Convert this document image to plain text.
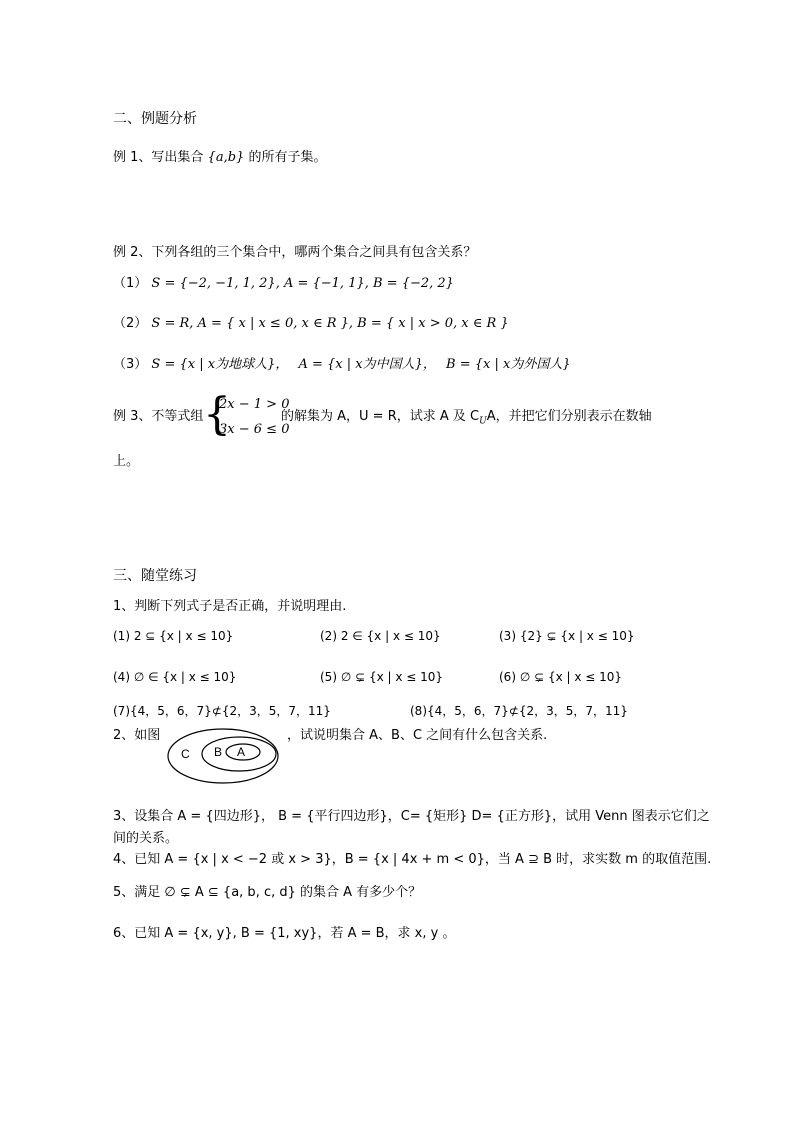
二、例题分析
例 1、写出集合 {a,b} 的所有子集。
例 2、下列各组的三个集合中，哪两个集合之间具有包含关系？
（1） S = {−2, −1, 1, 2}, A = {−1, 1}, B = {−2, 2}
（2） S = R, A = { x | x ≤ 0, x ∈ R }, B = { x | x > 0, x ∈ R }
（3） S = {x | x为地球人}， A = {x | x为中国人}， B = {x | x为外国人}
例 3、不等式组 {
2x − 1 > 0
3x − 6 ≤ 0
的解集为 A，U = R，试求 A 及 $C_UA$，并把它们分别表示在数轴
上。
三、随堂练习
1、判断下列式子是否正确，并说明理由.
(1) 2 ⊆ {x | x ≤ 10}	(2) 2 ∈ {x | x ≤ 10}	(3) {2} ⊊ {x | x ≤ 10}
(4) ∅ ∈ {x | x ≤ 10}	(5) ∅ ⊊ {x | x ≤ 10}	(6) ∅ ⊊ {x | x ≤ 10}
(7){4，5，6，7}⊄{2，3，5，7，11}	(8){4，5，6，7}⊄{2，3，5，7，11}
2、如图
C B A
，试说明集合 A、B、C 之间有什么包含关系.
3、设集合 A = {四边形}， B = {平行四边形}，C= {矩形} D= {正方形}，试用 Venn 图表示它们之
间的关系。
4、已知 A = {x | x < −2 或 x > 3}，B = {x | 4x + m < 0}，当 A ⊇ B 时，求实数 m 的取值范围.
5、满足 ∅ ⊊ A ⊆ {a, b, c, d} 的集合 A 有多少个？
6、已知 A = {x, y}, B = {1, xy}，若 A = B，求 x, y 。
